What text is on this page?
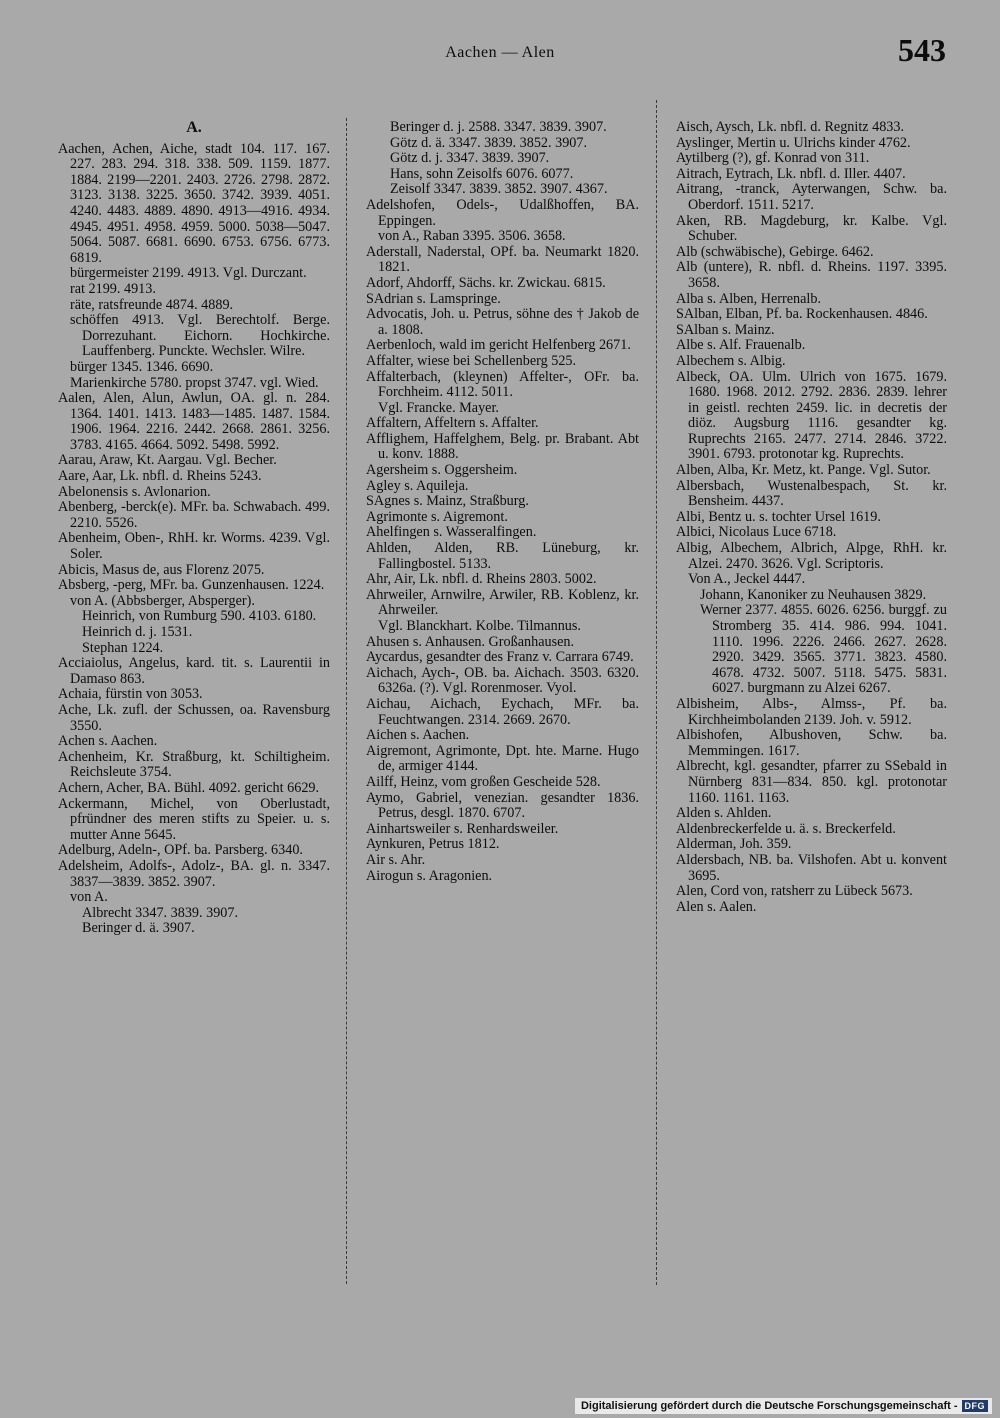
Aachen — Alen	543
A.
Aachen, Achen, Aiche, stadt 104. 117. 167. 227. 283. 294. 318. 338. 509. 1159. 1877. 1884. 2199—2201. 2403. 2726. 2798. 2872. 3123. 3138. 3225. 3650. 3742. 3939. 4051. 4240. 4483. 4889. 4890. 4913—4916. 4934. 4945. 4951. 4958. 4959. 5000. 5038—5047. 5064. 5087. 6681. 6690. 6753. 6756. 6773. 6819.
bürgermeister 2199. 4913. Vgl. Durczant.
rat 2199. 4913.
räte, ratsfreunde 4874. 4889.
schöffen 4913. Vgl. Berechtolf. Berge. Dorrezuhant. Eichorn. Hochkirche. Lauffenberg. Punckte. Wechsler. Wilre.
bürger 1345. 1346. 6690.
Marienkirche 5780. propst 3747. vgl. Wied.
Aalen, Alen, Alun, Awlun, OA. gl. n. 284. 1364. 1401. 1413. 1483—1485. 1487. 1584. 1906. 1964. 2216. 2442. 2668. 2861. 3256. 3783. 4165. 4664. 5092. 5498. 5992.
Aarau, Araw, Kt. Aargau. Vgl. Becher.
Aare, Aar, Lk. nbfl. d. Rheins 5243.
Abelonensis s. Avlonarion.
Abenberg, -berck(e). MFr. ba. Schwabach. 499. 2210. 5526.
Abenheim, Oben-, RhH. kr. Worms. 4239. Vgl. Soler.
Abicis, Masus de, aus Florenz 2075.
Absberg, -perg, MFr. ba. Gunzenhausen. 1224.
von A. (Abbsberger, Absperger).
Heinrich, von Rumburg 590. 4103. 6180.
Heinrich d. j. 1531.
Stephan 1224.
Acciaiolus, Angelus, kard. tit. s. Laurentii in Damaso 863.
Achaia, fürstin von 3053.
Ache, Lk. zufl. der Schussen, oa. Ravensburg 3550.
Achen s. Aachen.
Achenheim, Kr. Straßburg, kt. Schiltigheim. Reichsleute 3754.
Achern, Acher, BA. Bühl. 4092. gericht 6629.
Ackermann, Michel, von Oberlustadt, pfründner des meren stifts zu Speier. u. s. mutter Anne 5645.
Adelburg, Adeln-, OPf. ba. Parsberg. 6340.
Adelsheim, Adolfs-, Adolz-, BA. gl. n. 3347. 3837—3839. 3852. 3907.
von A.
Albrecht 3347. 3839. 3907.
Beringer d. ä. 3907.
Beringer d. j. 2588. 3347. 3839. 3907.
Götz d. ä. 3347. 3839. 3852. 3907.
Götz d. j. 3347. 3839. 3907.
Hans, sohn Zeisolfs 6076. 6077.
Zeisolf 3347. 3839. 3852. 3907. 4367.
Adelshofen, Odels-, Udalßhoffen, BA. Eppingen.
von A., Raban 3395. 3506. 3658.
Aderstall, Naderstal, OPf. ba. Neumarkt 1820. 1821.
Adorf, Ahdorff, Sächs. kr. Zwickau. 6815.
SAdrian s. Lamspringe.
Advocatis, Joh. u. Petrus, söhne des † Jakob de a. 1808.
Aerbenloch, wald im gericht Helfenberg 2671.
Affalter, wiese bei Schellenberg 525.
Affalterbach, (kleynen) Affelter-, OFr. ba. Forchheim. 4112. 5011.
Vgl. Francke. Mayer.
Affaltern, Affeltern s. Affalter.
Afflighem, Haffelghem, Belg. pr. Brabant. Abt u. konv. 1888.
Agersheim s. Oggersheim.
Agley s. Aquileja.
SAgnes s. Mainz, Straßburg.
Agrimonte s. Aigremont.
Ahelfingen s. Wasseralfingen.
Ahlden, Alden, RB. Lüneburg, kr. Fallingbostel. 5133.
Ahr, Air, Lk. nbfl. d. Rheins 2803. 5002.
Ahrweiler, Arnwilre, Arwiler, RB. Koblenz, kr. Ahrweiler.
Vgl. Blanckhart. Kolbe. Tilmannus.
Ahusen s. Anhausen. Großanhausen.
Aycardus, gesandter des Franz v. Carrara 6749.
Aichach, Aych-, OB. ba. Aichach. 3503. 6320. 6326a. (?). Vgl. Rorenmoser. Vyol.
Aichau, Aichach, Eychach, MFr. ba. Feuchtwangen. 2314. 2669. 2670.
Aichen s. Aachen.
Aigremont, Agrimonte, Dpt. hte. Marne. Hugo de, armiger 4144.
Ailff, Heinz, vom großen Gescheide 528.
Aymo, Gabriel, venezian. gesandter 1836. Petrus, desgl. 1870. 6707.
Ainhartsweiler s. Renhardsweiler.
Aynkuren, Petrus 1812.
Air s. Ahr.
Airogun s. Aragonien.
Aisch, Aysch, Lk. nbfl. d. Regnitz 4833.
Ayslinger, Mertin u. Ulrichs kinder 4762.
Aytilberg (?), gf. Konrad von 311.
Aitrach, Eytrach, Lk. nbfl. d. Iller. 4407.
Aitrang, -tranck, Ayterwangen, Schw. ba. Oberdorf. 1511. 5217.
Aken, RB. Magdeburg, kr. Kalbe. Vgl. Schuber.
Alb (schwäbische), Gebirge. 6462.
Alb (untere), R. nbfl. d. Rheins. 1197. 3395. 3658.
Alba s. Alben, Herrenalb.
SAlban, Elban, Pf. ba. Rockenhausen. 4846.
SAlban s. Mainz.
Albe s. Alf. Frauenalb.
Albechem s. Albig.
Albeck, OA. Ulm. Ulrich von 1675. 1679. 1680. 1968. 2012. 2792. 2836. 2839. lehrer in geistl. rechten 2459. lic. in decretis der diöz. Augsburg 1116. gesandter kg. Ruprechts 2165. 2477. 2714. 2846. 3722. 3901. 6793. protonotar kg. Ruprechts.
Alben, Alba, Kr. Metz, kt. Pange. Vgl. Sutor.
Albersbach, Wustenalbespach, St. kr. Bensheim. 4437.
Albi, Bentz u. s. tochter Ursel 1619.
Albici, Nicolaus Luce 6718.
Albig, Albechem, Albrich, Alpge, RhH. kr. Alzei. 2470. 3626. Vgl. Scriptoris.
Von A., Jeckel 4447.
Johann, Kanoniker zu Neuhausen 3829.
Werner 2377. 4855. 6026. 6256. burggf. zu Stromberg 35. 414. 986. 994. 1041. 1110. 1996. 2226. 2466. 2627. 2628. 2920. 3429. 3565. 3771. 3823. 4580. 4678. 4732. 5007. 5118. 5475. 5831. 6027. burgmann zu Alzei 6267.
Albisheim, Albs-, Almss-, Pf. ba. Kirchheimbolanden 2139. Joh. v. 5912.
Albishofen, Albushoven, Schw. ba. Memmingen. 1617.
Albrecht, kgl. gesandter, pfarrer zu SSebald in Nürnberg 831—834. 850. kgl. protonotar 1160. 1161. 1163.
Alden s. Ahlden.
Aldenbreckerfelde u. ä. s. Breckerfeld.
Alderman, Joh. 359.
Aldersbach, NB. ba. Vilshofen. Abt u. konvent 3695.
Alen, Cord von, ratsherr zu Lübeck 5673.
Alen s. Aalen.
Digitalisierung gefördert durch die Deutsche Forschungsgemeinschaft - DFG
